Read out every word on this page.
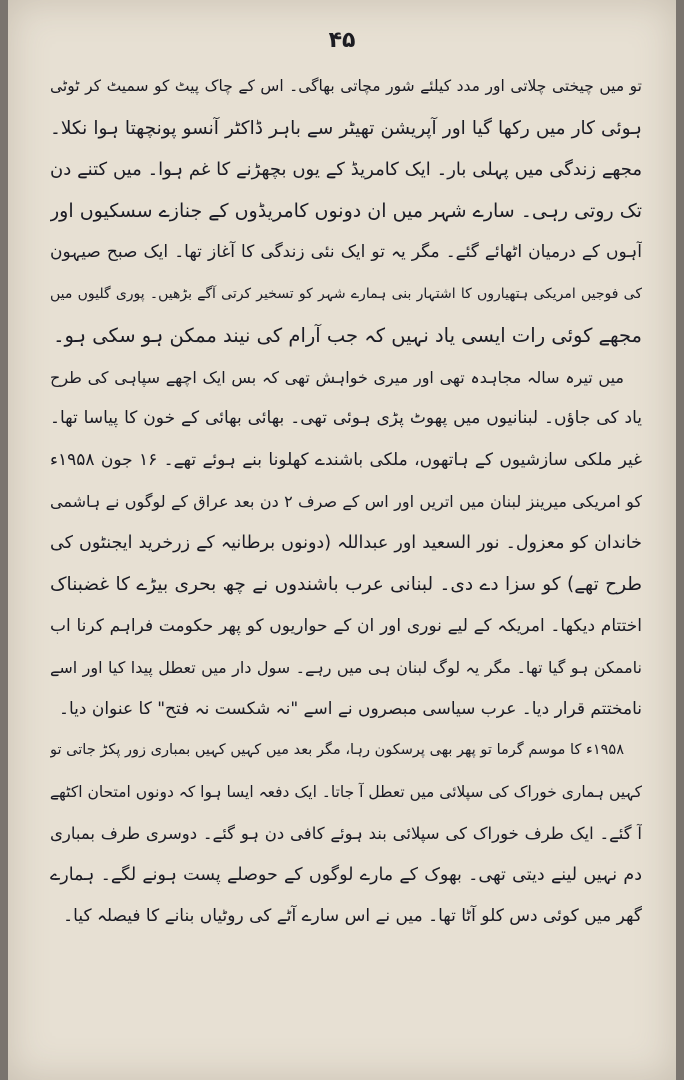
۴۵
تو میں چیختی چلاتی اور مدد کیلئے شور مچاتی بھاگی۔ اس کے چاک پیٹ کو سمیٹ کر ٹوٹی
ہوئی کار میں رکھا گیا اور آپریشن تھیٹر سے باہر ڈاکٹر آنسو پونچھتا ہوا نکلا۔
مجھے زندگی میں پہلی بار۔ ایک کامریڈ کے یوں بچھڑنے کا غم ہوا۔ میں کتنے دن
تک روتی رہی۔ سارے شہر میں ان دونوں کامریڈوں کے جنازے سسکیوں اور
آہوں کے درمیان اٹھائے گئے۔ مگر یہ تو ایک نئی زندگی کا آغاز تھا۔ ایک صبح صیہون
کی فوجیں امریکی ہتھیاروں کا اشتہار بنی ہمارے شہر کو تسخیر کرتی آگے بڑھیں۔ پوری گلیوں میں
مجھے کوئی رات ایسی یاد نہیں کہ جب آرام کی نیند ممکن ہو سکی ہو۔
میں تیرہ سالہ مجاہدہ تھی اور میری خواہش تھی کہ بس ایک اچھے سپاہی کی طرح
یاد کی جاؤں۔ لبنانیوں میں پھوٹ پڑی ہوئی تھی۔ بھائی بھائی کے خون کا پیاسا تھا۔
غیر ملکی سازشیوں کے ہاتھوں، ملکی باشندے کھلونا بنے ہوئے تھے۔ ۱۶ جون ۱۹۵۸ء
کو امریکی میرینز لبنان میں اتریں اور اس کے صرف ۲ دن بعد عراق کے لوگوں نے ہاشمی
خاندان کو معزول۔ نور السعید اور عبداللہ (دونوں برطانیہ کے زرخرید ایجنٹوں کی
طرح تھے) کو سزا دے دی۔ لبنانی عرب باشندوں نے چھ بحری بیڑے کا غضبناک
اختتام دیکھا۔ امریکہ کے لیے نوری اور ان کے حواریوں کو پھر حکومت فراہم کرنا اب
ناممکن ہو گیا تھا۔ مگر یہ لوگ لبنان ہی میں رہے۔ سول دار میں تعطل پیدا کیا اور اسے
نامختتم قرار دیا۔ عرب سیاسی مبصروں نے اسے "نہ شکست نہ فتح" کا عنوان دیا۔
۱۹۵۸ء کا موسم گرما تو پھر بھی پرسکون رہا، مگر بعد میں کہیں کہیں بمباری زور پکڑ جاتی تو
کہیں ہماری خوراک کی سپلائی میں تعطل آ جاتا۔ ایک دفعہ ایسا ہوا کہ دونوں امتحان اکٹھے
آ گئے۔ ایک طرف خوراک کی سپلائی بند ہوئے کافی دن ہو گئے۔ دوسری طرف بمباری
دم نہیں لینے دیتی تھی۔ بھوک کے مارے لوگوں کے حوصلے پست ہونے لگے۔ ہمارے
گھر میں کوئی دس کلو آٹا تھا۔ میں نے اس سارے آٹے کی روٹیاں بنانے کا فیصلہ کیا۔
